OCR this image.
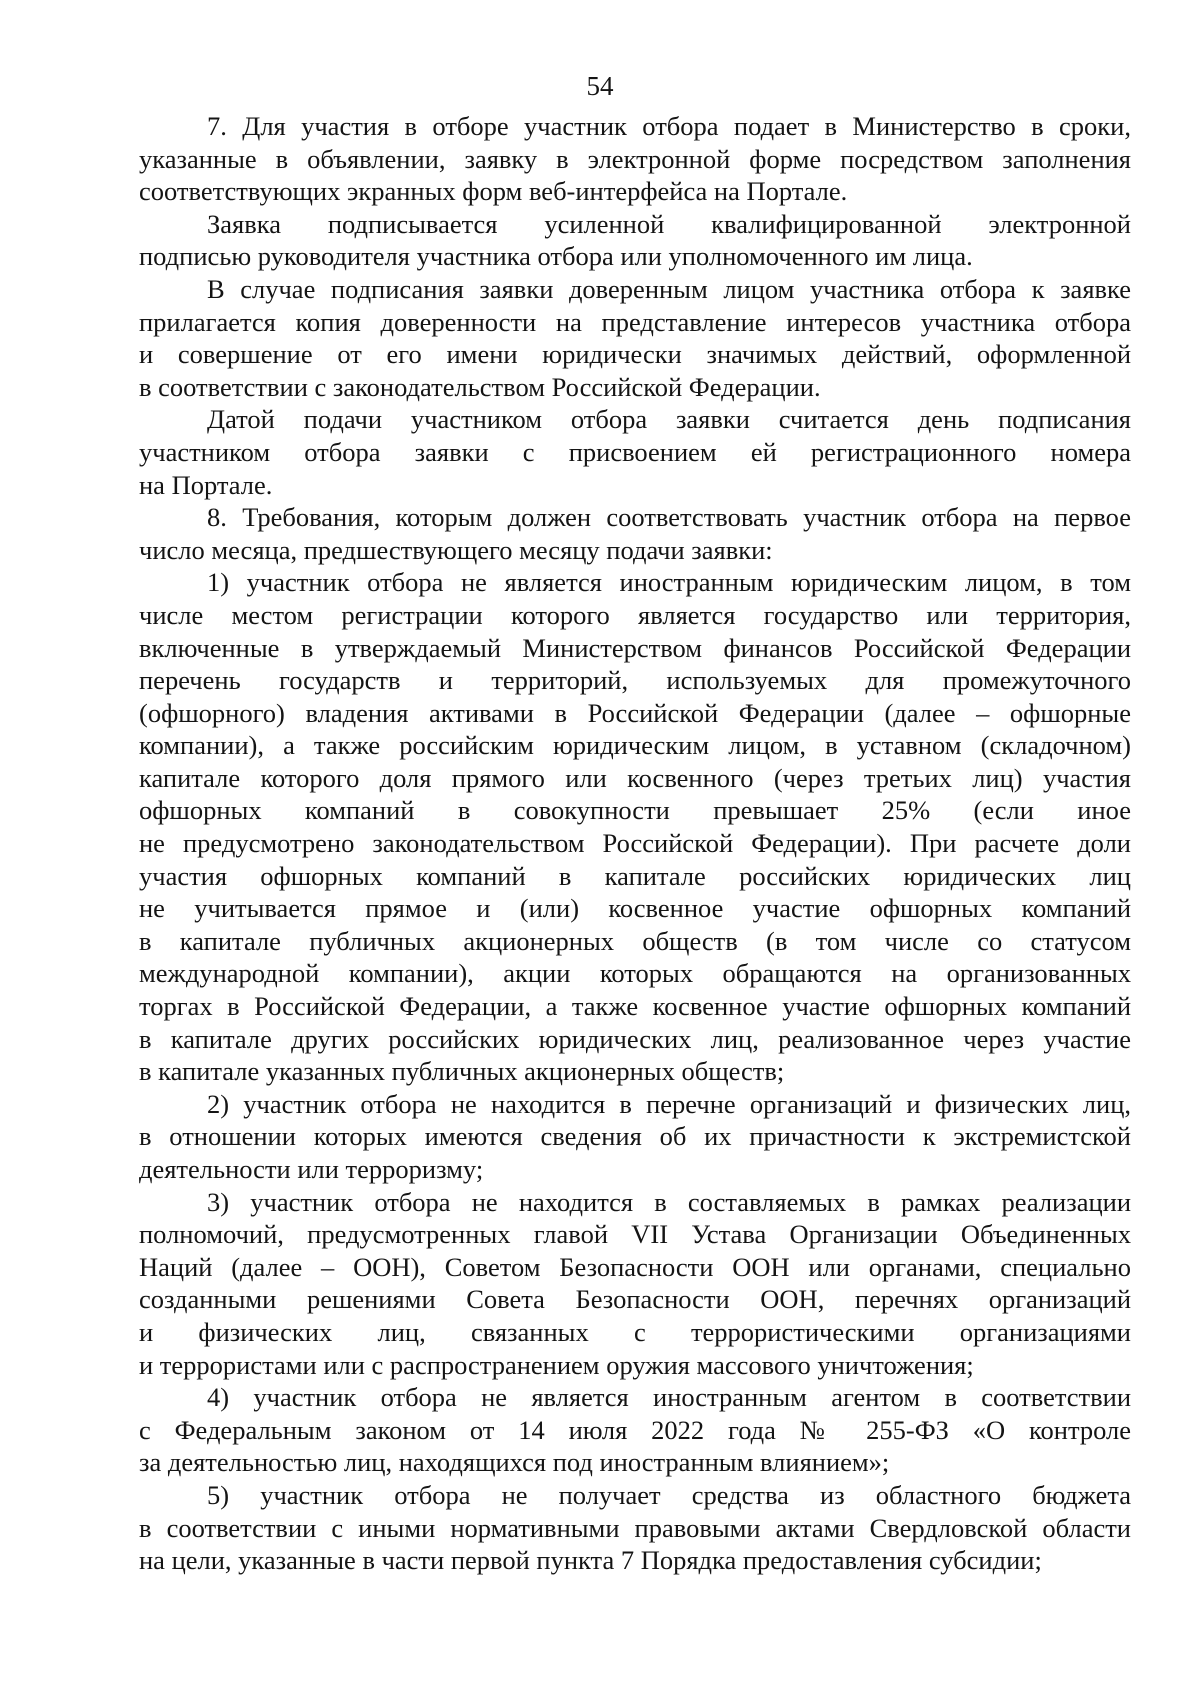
54

7. Для участия в отборе участник отбора подает в Министерство в сроки,
указанные в объявлении, заявку в электронной форме посредством заполнения
соответствующих экранных форм веб-интерфейса на Портале.

Заявка подписывается усиленной квалифицированной электронной
подписью руководителя участника отбора или уполномоченного им лица.

В случае подписания заявки доверенным лицом участника отбора к заявке
прилагается копия доверенности на представление интересов участника отбора
и совершение от его имени юридически значимых действий, оформленной
в соответствии с законодательством Российской Федерации.

Датой подачи участником отбора заявки считается день подписания
участником отбора заявки с присвоением ей регистрационного номера
на Портале.

8. Требования, которым должен соответствовать участник отбора на первое
число месяца, предшествующего месяцу подачи заявки:

1) участник отбора не является иностранным юридическим лицом, в том
числе местом регистрации которого является государство или территория,
включенные в утверждаемый Министерством финансов Российской Федерации
перечень государств и территорий, используемых для промежуточного
(офшорного) владения активами в Российской Федерации (далее – офшорные
компании), а также российским юридическим лицом, в уставном (складочном)
капитале которого доля прямого или косвенного (через третьих лиц) участия
офшорных компаний в совокупности превышает 25% (если иное
не предусмотрено законодательством Российской Федерации). При расчете доли
участия офшорных компаний в капитале российских юридических лиц
не учитывается прямое и (или) косвенное участие офшорных компаний
в капитале публичных акционерных обществ (в том числе со статусом
международной компании), акции которых обращаются на организованных
торгах в Российской Федерации, а также косвенное участие офшорных компаний
в капитале других российских юридических лиц, реализованное через участие
в капитале указанных публичных акционерных обществ;

2) участник отбора не находится в перечне организаций и физических лиц,
в отношении которых имеются сведения об их причастности к экстремистской
деятельности или терроризму;

3) участник отбора не находится в составляемых в рамках реализации
полномочий, предусмотренных главой VII Устава Организации Объединенных
Наций (далее – ООН), Советом Безопасности ООН или органами, специально
созданными решениями Совета Безопасности ООН, перечнях организаций
и физических лиц, связанных с террористическими организациями
и террористами или с распространением оружия массового уничтожения;

4) участник отбора не является иностранным агентом в соответствии
с Федеральным законом от 14 июля 2022 года № 255-ФЗ «О контроле
за деятельностью лиц, находящихся под иностранным влиянием»;

5) участник отбора не получает средства из областного бюджета
в соответствии с иными нормативными правовыми актами Свердловской области
на цели, указанные в части первой пункта 7 Порядка предоставления субсидии;
